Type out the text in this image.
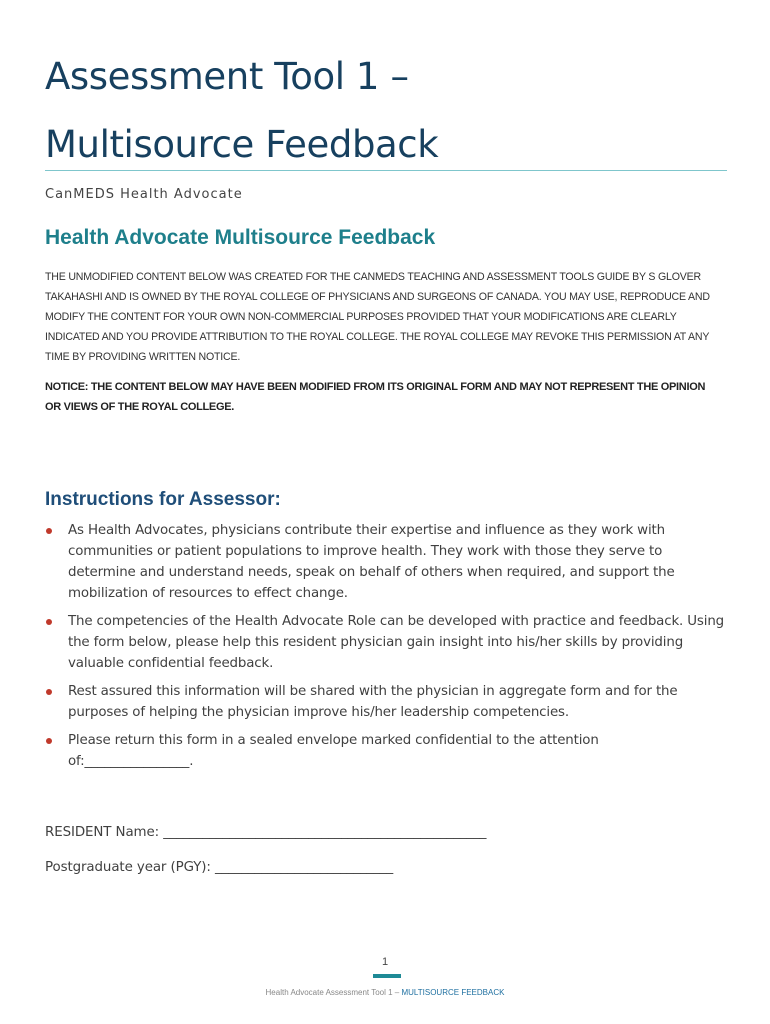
Assessment Tool 1 –
Multisource Feedback
CanMEDS Health Advocate
Health Advocate Multisource Feedback
THE UNMODIFIED CONTENT BELOW WAS CREATED FOR THE CANMEDS TEACHING AND ASSESSMENT TOOLS GUIDE BY S GLOVER TAKAHASHI AND IS OWNED BY THE ROYAL COLLEGE OF PHYSICIANS AND SURGEONS OF CANADA. YOU MAY USE, REPRODUCE AND MODIFY THE CONTENT FOR YOUR OWN NON-COMMERCIAL PURPOSES PROVIDED THAT YOUR MODIFICATIONS ARE CLEARLY INDICATED AND YOU PROVIDE ATTRIBUTION TO THE ROYAL COLLEGE. THE ROYAL COLLEGE MAY REVOKE THIS PERMISSION AT ANY TIME BY PROVIDING WRITTEN NOTICE.
NOTICE: THE CONTENT BELOW MAY HAVE BEEN MODIFIED FROM ITS ORIGINAL FORM AND MAY NOT REPRESENT THE OPINION OR VIEWS OF THE ROYAL COLLEGE.
Instructions for Assessor:
As Health Advocates, physicians contribute their expertise and influence as they work with communities or patient populations to improve health. They work with those they serve to determine and understand needs, speak on behalf of others when required, and support the mobilization of resources to effect change.
The competencies of the Health Advocate Role can be developed with practice and feedback. Using the form below, please help this resident physician gain insight into his/her skills by providing valuable confidential feedback.
Rest assured this information will be shared with the physician in aggregate form and for the purposes of helping the physician improve his/her leadership competencies.
Please return this form in a sealed envelope marked confidential to the attention of:________________.
RESIDENT Name: _________________________________________________
Postgraduate year (PGY): ___________________________
1
Health Advocate Assessment Tool 1 – MULTISOURCE FEEDBACK
